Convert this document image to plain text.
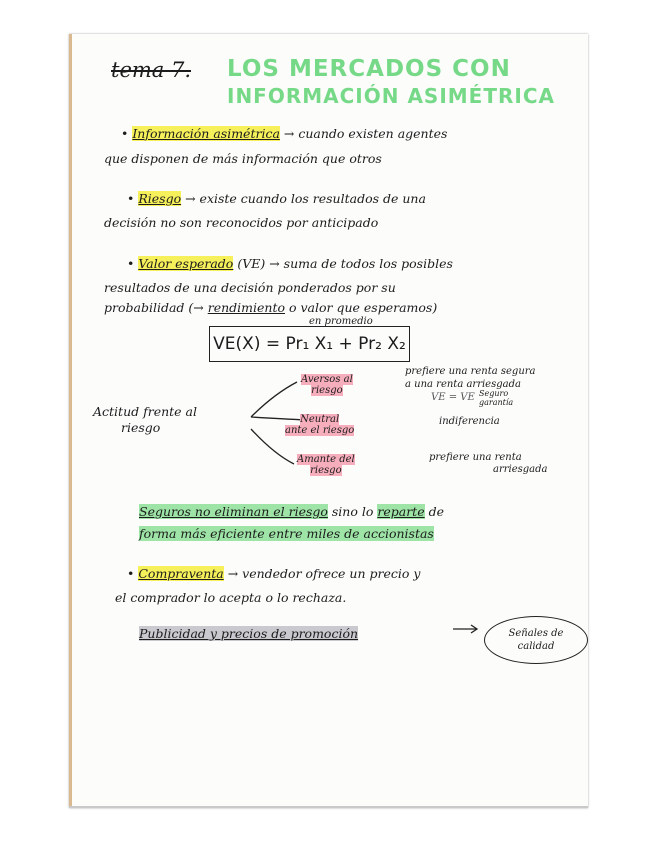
tema 7. LOS MERCADOS CON
INFORMACIÓN ASIMÉTRICA
• Información asimétrica → cuando existen agentes
que disponen de más información que otros
• Riesgo → existe cuando los resultados de una
decisión no son reconocidos por anticipado
• Valor esperado (VE) → suma de todos los posibles
resultados de una decisión ponderados por su
probabilidad (→ rendimiento o valor que esperamos)
en promedio
VE(X) = Pr₁ X₁ + Pr₂ X₂
Actitud frente al
riesgo
Aversos al
riesgo
Neutral
ante el riesgo
Amante del
riesgo
prefiere una renta segura
a una renta arriesgada
VE = VE Seguro garantía
indiferencia
prefiere una renta
arriesgada
Seguros no eliminan el riesgo sino lo reparte de
forma más eficiente entre miles de accionistas
• Compraventa → vendedor ofrece un precio y
el comprador lo acepta o lo rechaza.
Publicidad y precios de promoción	Señales de
calidad
